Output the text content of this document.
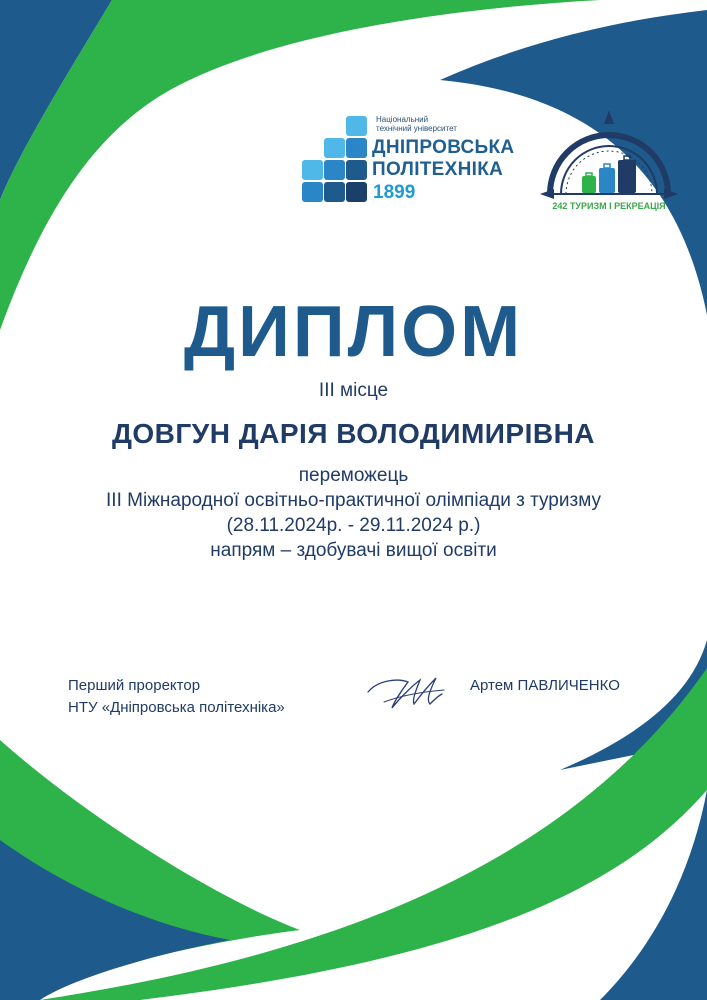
Національний
технічний університет
ДНІПРОВСЬКА
ПОЛІТЕХНІКА
1899
242 ТУРИЗМ І РЕКРЕАЦІЯ
ДИПЛОМ
ІІІ місце
ДОВГУН ДАРІЯ ВОЛОДИМИРІВНА
переможець
ІІІ Міжнародної освітньо-практичної олімпіади з туризму
(28.11.2024р. - 29.11.2024 р.)
напрям – здобувачі вищої освіти
Перший проректор
НТУ «Дніпровська політехніка»
Артем ПАВЛИЧЕНКО
